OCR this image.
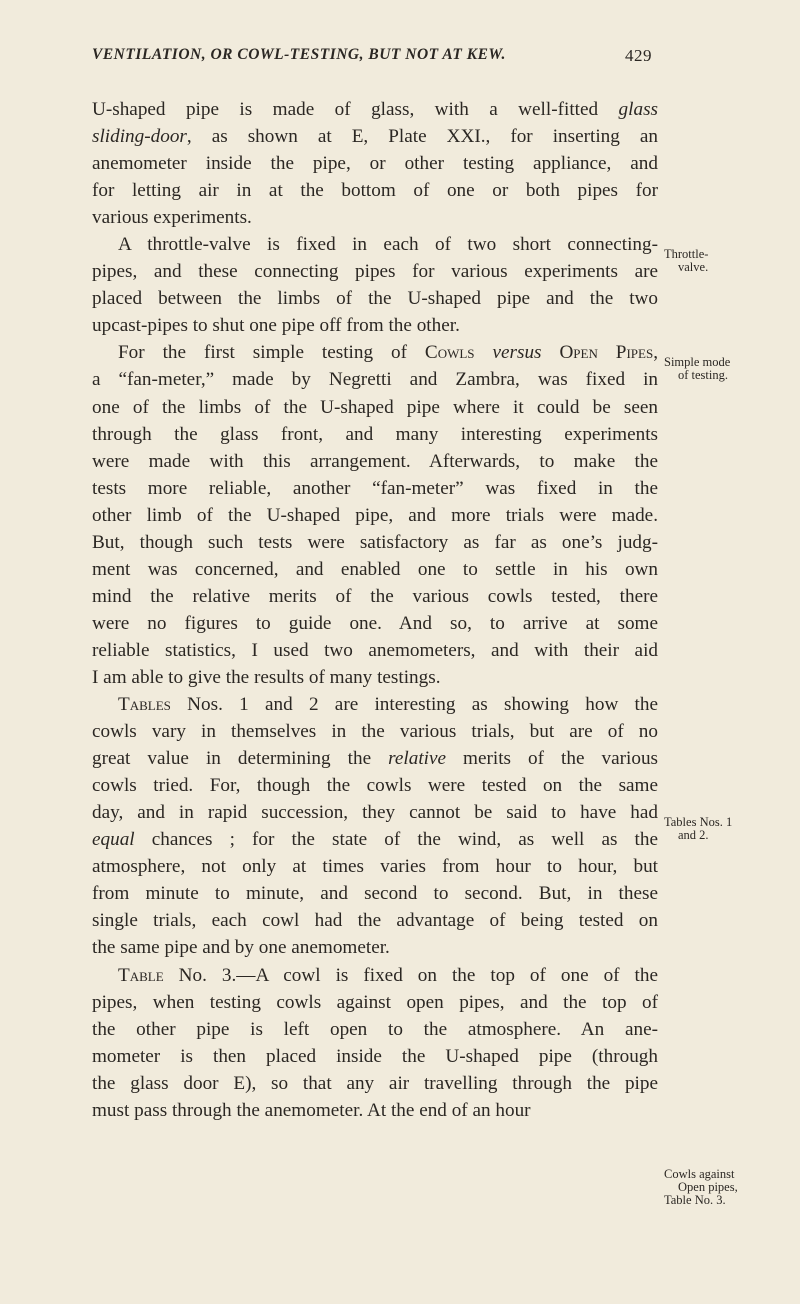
VENTILATION, OR COWL-TESTING, BUT NOT AT KEW.	429
U-shaped pipe is made of glass, with a well-fitted glass
sliding-door, as shown at E, Plate XXI., for inserting an
anemometer inside the pipe, or other testing appliance, and
for letting air in at the bottom of one or both pipes for
various experiments.
A throttle-valve is fixed in each of two short connecting-
pipes, and these connecting pipes for various experiments are
placed between the limbs of the U-shaped pipe and the two
upcast-pipes to shut one pipe off from the other.
For the first simple testing of Cowls versus Open Pipes,
a “fan-meter,” made by Negretti and Zambra, was fixed in
one of the limbs of the U-shaped pipe where it could be seen
through the glass front, and many interesting experiments
were made with this arrangement. Afterwards, to make the
tests more reliable, another “fan-meter” was fixed in the
other limb of the U-shaped pipe, and more trials were made.
But, though such tests were satisfactory as far as one’s judg-
ment was concerned, and enabled one to settle in his own
mind the relative merits of the various cowls tested, there
were no figures to guide one. And so, to arrive at some
reliable statistics, I used two anemometers, and with their aid
I am able to give the results of many testings.
Tables Nos. 1 and 2 are interesting as showing how the
cowls vary in themselves in the various trials, but are of no
great value in determining the relative merits of the various
cowls tried. For, though the cowls were tested on the same
day, and in rapid succession, they cannot be said to have had
equal chances ; for the state of the wind, as well as the
atmosphere, not only at times varies from hour to hour, but
from minute to minute, and second to second. But, in these
single trials, each cowl had the advantage of being tested on
the same pipe and by one anemometer.
Table No. 3.—A cowl is fixed on the top of one of the
pipes, when testing cowls against open pipes, and the top of
the other pipe is left open to the atmosphere. An ane-
mometer is then placed inside the U-shaped pipe (through
the glass door E), so that any air travelling through the pipe
must pass through the anemometer. At the end of an hour
Throttle-
valve.
Simple mode
of testing.
Tables Nos. 1
and 2.
Cowls against
Open pipes,
Table No. 3.
